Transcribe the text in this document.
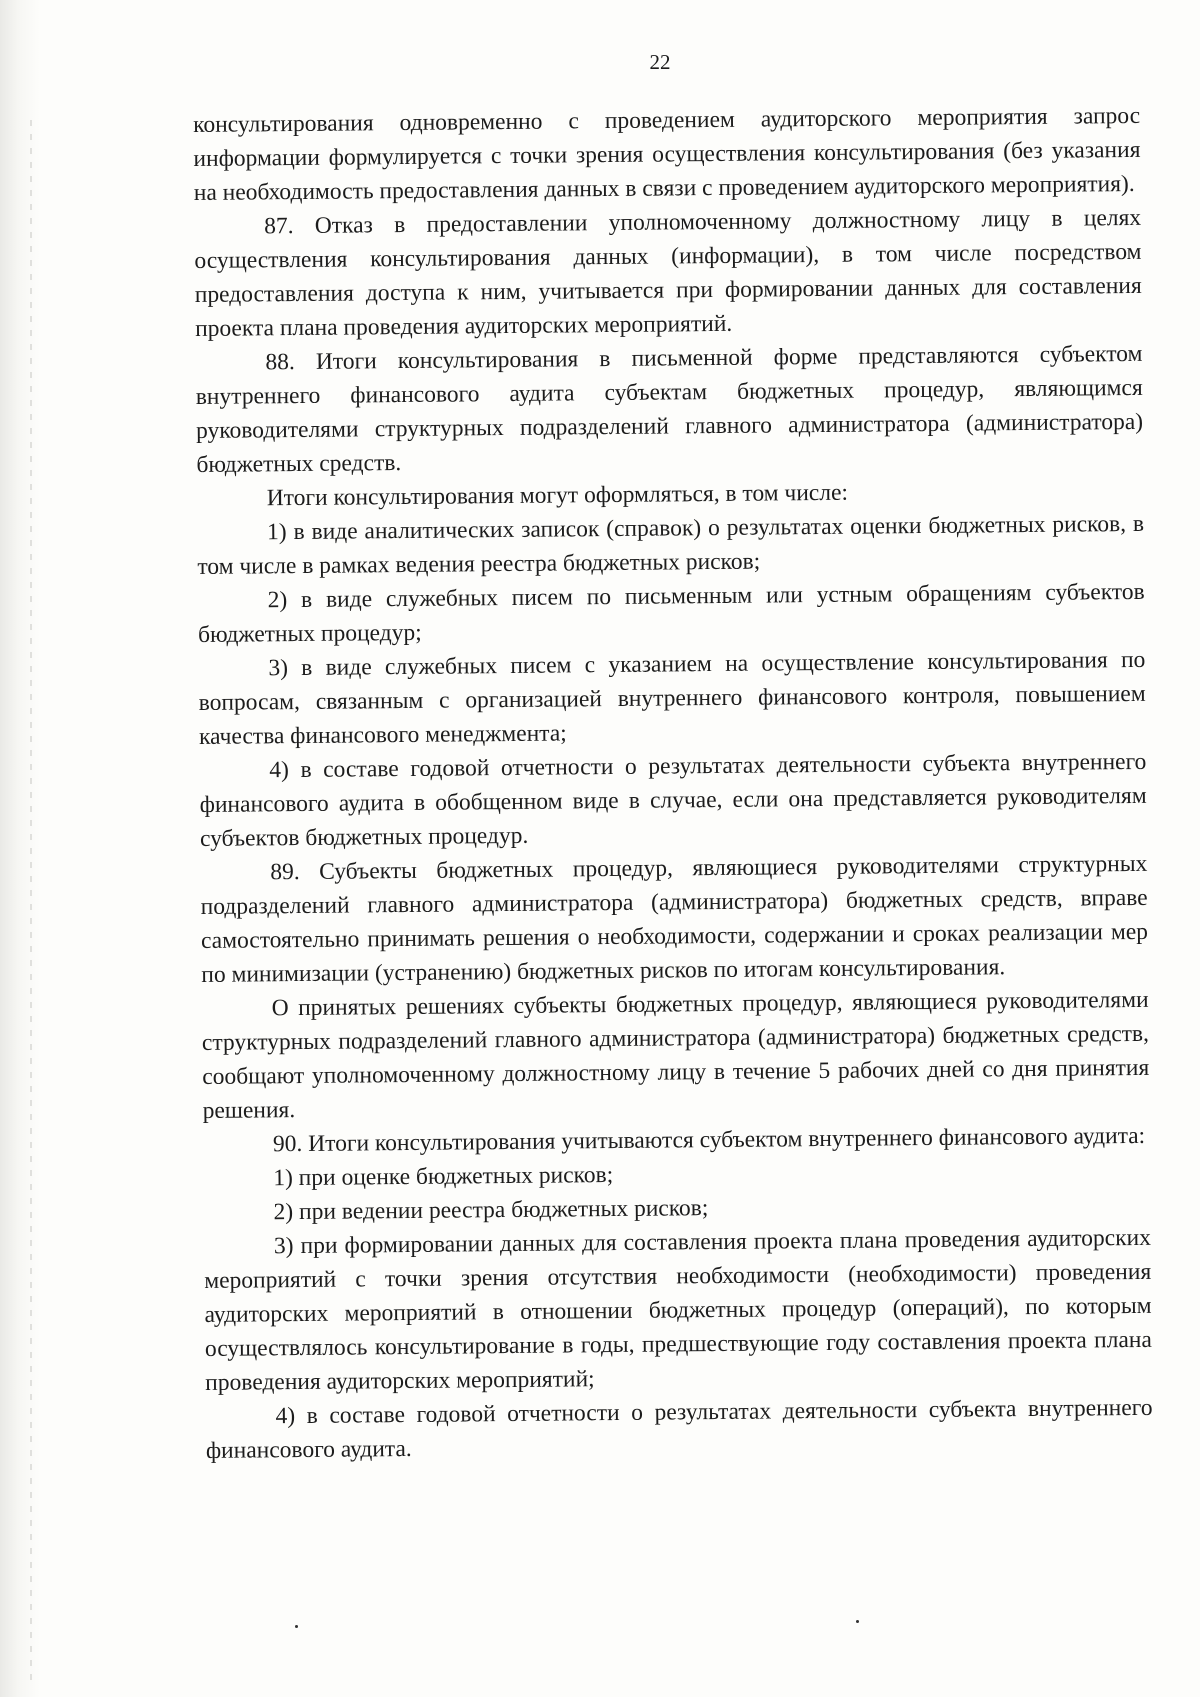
22

консультирования одновременно с проведением аудиторского мероприятия запрос информации формулируется с точки зрения осуществления консультирования (без указания на необходимость предоставления данных в связи с проведением аудиторского мероприятия).

87. Отказ в предоставлении уполномоченному должностному лицу в целях осуществления консультирования данных (информации), в том числе посредством предоставления доступа к ним, учитывается при формировании данных для составления проекта плана проведения аудиторских мероприятий.

88. Итоги консультирования в письменной форме представляются субъектом внутреннего финансового аудита субъектам бюджетных процедур, являющимся руководителями структурных подразделений главного администратора (администратора) бюджетных средств.

Итоги консультирования могут оформляться, в том числе:

1) в виде аналитических записок (справок) о результатах оценки бюджетных рисков, в том числе в рамках ведения реестра бюджетных рисков;

2) в виде служебных писем по письменным или устным обращениям субъектов бюджетных процедур;

3) в виде служебных писем с указанием на осуществление консультирования по вопросам, связанным с организацией внутреннего финансового контроля, повышением качества финансового менеджмента;

4) в составе годовой отчетности о результатах деятельности субъекта внутреннего финансового аудита в обобщенном виде в случае, если она представляется руководителям субъектов бюджетных процедур.

89. Субъекты бюджетных процедур, являющиеся руководителями структурных подразделений главного администратора (администратора) бюджетных средств, вправе самостоятельно принимать решения о необходимости, содержании и сроках реализации мер по минимизации (устранению) бюджетных рисков по итогам консультирования.

О принятых решениях субъекты бюджетных процедур, являющиеся руководителями структурных подразделений главного администратора (администратора) бюджетных средств, сообщают уполномоченному должностному лицу в течение 5 рабочих дней со дня принятия решения.

90. Итоги консультирования учитываются субъектом внутреннего финансового аудита:

1) при оценке бюджетных рисков;

2) при ведении реестра бюджетных рисков;

3) при формировании данных для составления проекта плана проведения аудиторских мероприятий с точки зрения отсутствия необходимости (необходимости) проведения аудиторских мероприятий в отношении бюджетных процедур (операций), по которым осуществлялось консультирование в годы, предшествующие году составления проекта плана проведения аудиторских мероприятий;

4) в составе годовой отчетности о результатах деятельности субъекта внутреннего финансового аудита.
